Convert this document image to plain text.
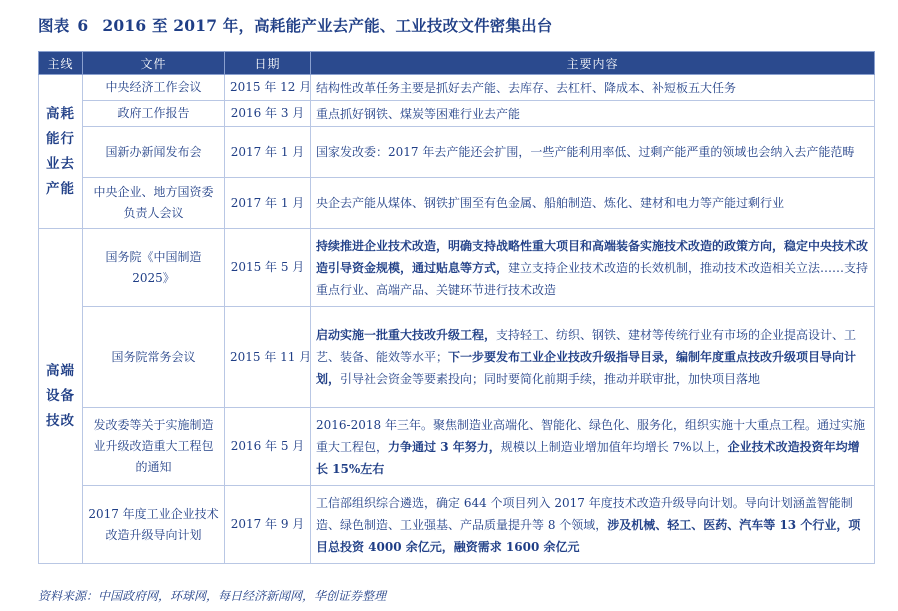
图表 6 2016 至 2017 年，高耗能产业去产能、工业技改文件密集出台
主线	文件	日期	主要内容
高耗能行业去产能	中央经济工作会议	2015 年 12 月	结构性改革任务主要是抓好去产能、去库存、去杠杆、降成本、补短板五大任务
	政府工作报告	2016 年 3 月	重点抓好钢铁、煤炭等困难行业去产能
	国新办新闻发布会	2017 年 1 月	国家发改委：2017 年去产能还会扩围，一些产能利用率低、过剩产能严重的领域也会纳入去产能范畴
	中央企业、地方国资委负责人会议	2017 年 1 月	央企去产能从煤体、钢铁扩围至有色金属、船舶制造、炼化、建材和电力等产能过剩行业
高端设备技改	国务院《中国制造 2025》	2015 年 5 月	持续推进企业技术改造，明确支持战略性重大项目和高端装备实施技术改造的政策方向，稳定中央技术改造引导资金规模，通过贴息等方式，建立支持企业技术改造的长效机制，推动技术改造相关立法……支持重点行业、高端产品、关键环节进行技术改造
	国务院常务会议	2015 年 11 月	启动实施一批重大技改升级工程，支持轻工、纺织、钢铁、建材等传统行业有市场的企业提高设计、工艺、装备、能效等水平；下一步要发布工业企业技改升级指导目录，编制年度重点技改升级项目导向计划，引导社会资金等要素投向；同时要简化前期手续，推动并联审批，加快项目落地
	发改委等关于实施制造业升级改造重大工程包的通知	2016 年 5 月	2016-2018 年三年。聚焦制造业高端化、智能化、绿色化、服务化，组织实施十大重点工程。通过实施重大工程包，力争通过 3 年努力，规模以上制造业增加值年均增长 7%以上，企业技术改造投资年均增长 15%左右
	2017 年度工业企业技术改造升级导向计划	2017 年 9 月	工信部组织综合遴选，确定 644 个项目列入 2017 年度技术改造升级导向计划。导向计划涵盖智能制造、绿色制造、工业强基、产品质量提升等 8 个领域，涉及机械、轻工、医药、汽车等 13 个行业，项目总投资 4000 余亿元，融资需求 1600 余亿元
资料来源：中国政府网，环球网，每日经济新闻网，华创证券整理
